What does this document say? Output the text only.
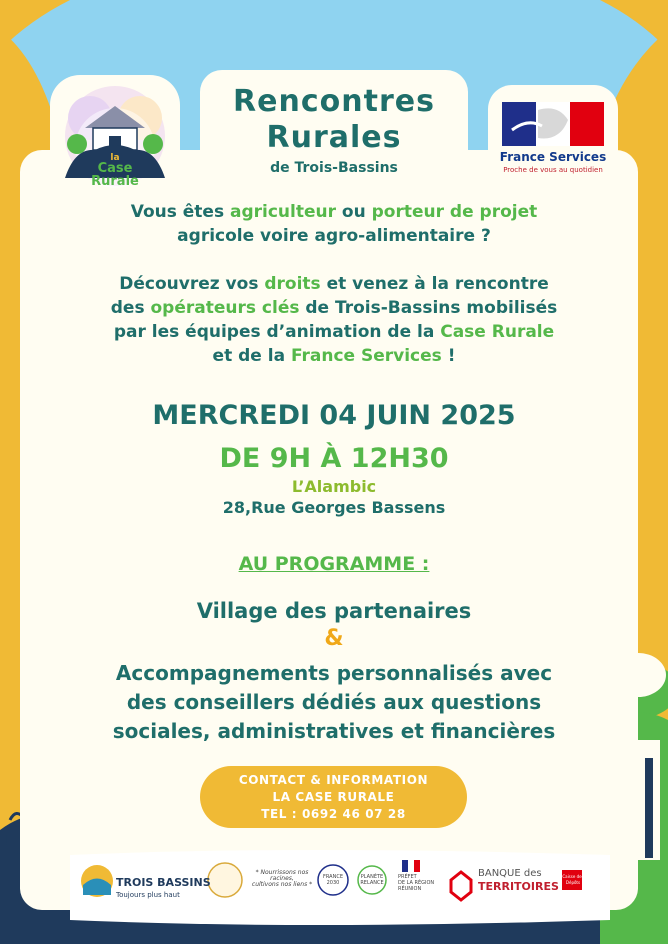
la
Case
Rurale
France Services
Proche de vous au quotidien
Rencontres
Rurales
de Trois-Bassins
Vous êtes agriculteur ou porteur de projet
agricole voire agro-alimentaire ?
Découvrez vos droits et venez à la rencontre
des opérateurs clés de Trois-Bassins mobilisés
par les équipes d’animation de la Case Rurale
et de la France Services !
MERCREDI 04 JUIN 2025
DE 9H À 12H30
L’Alambic
28,Rue Georges Bassens
AU PROGRAMME :
Village des partenaires
&
Accompagnements personnalisés avec
des conseillers dédiés aux questions
sociales, administratives et financières
CONTACT & INFORMATION
LA CASE RURALE
TEL : 0692 46 07 28
TROIS BASSINS
Toujours plus haut
* Nourrissons nos racines,
cultivons nos liens *
FRANCE 2030
PLANÈTE RELANCE
PRÉFET
DE LA RÉGION
RÉUNION
BANQUE des
TERRITOIRES
Caisse des Dépôts
